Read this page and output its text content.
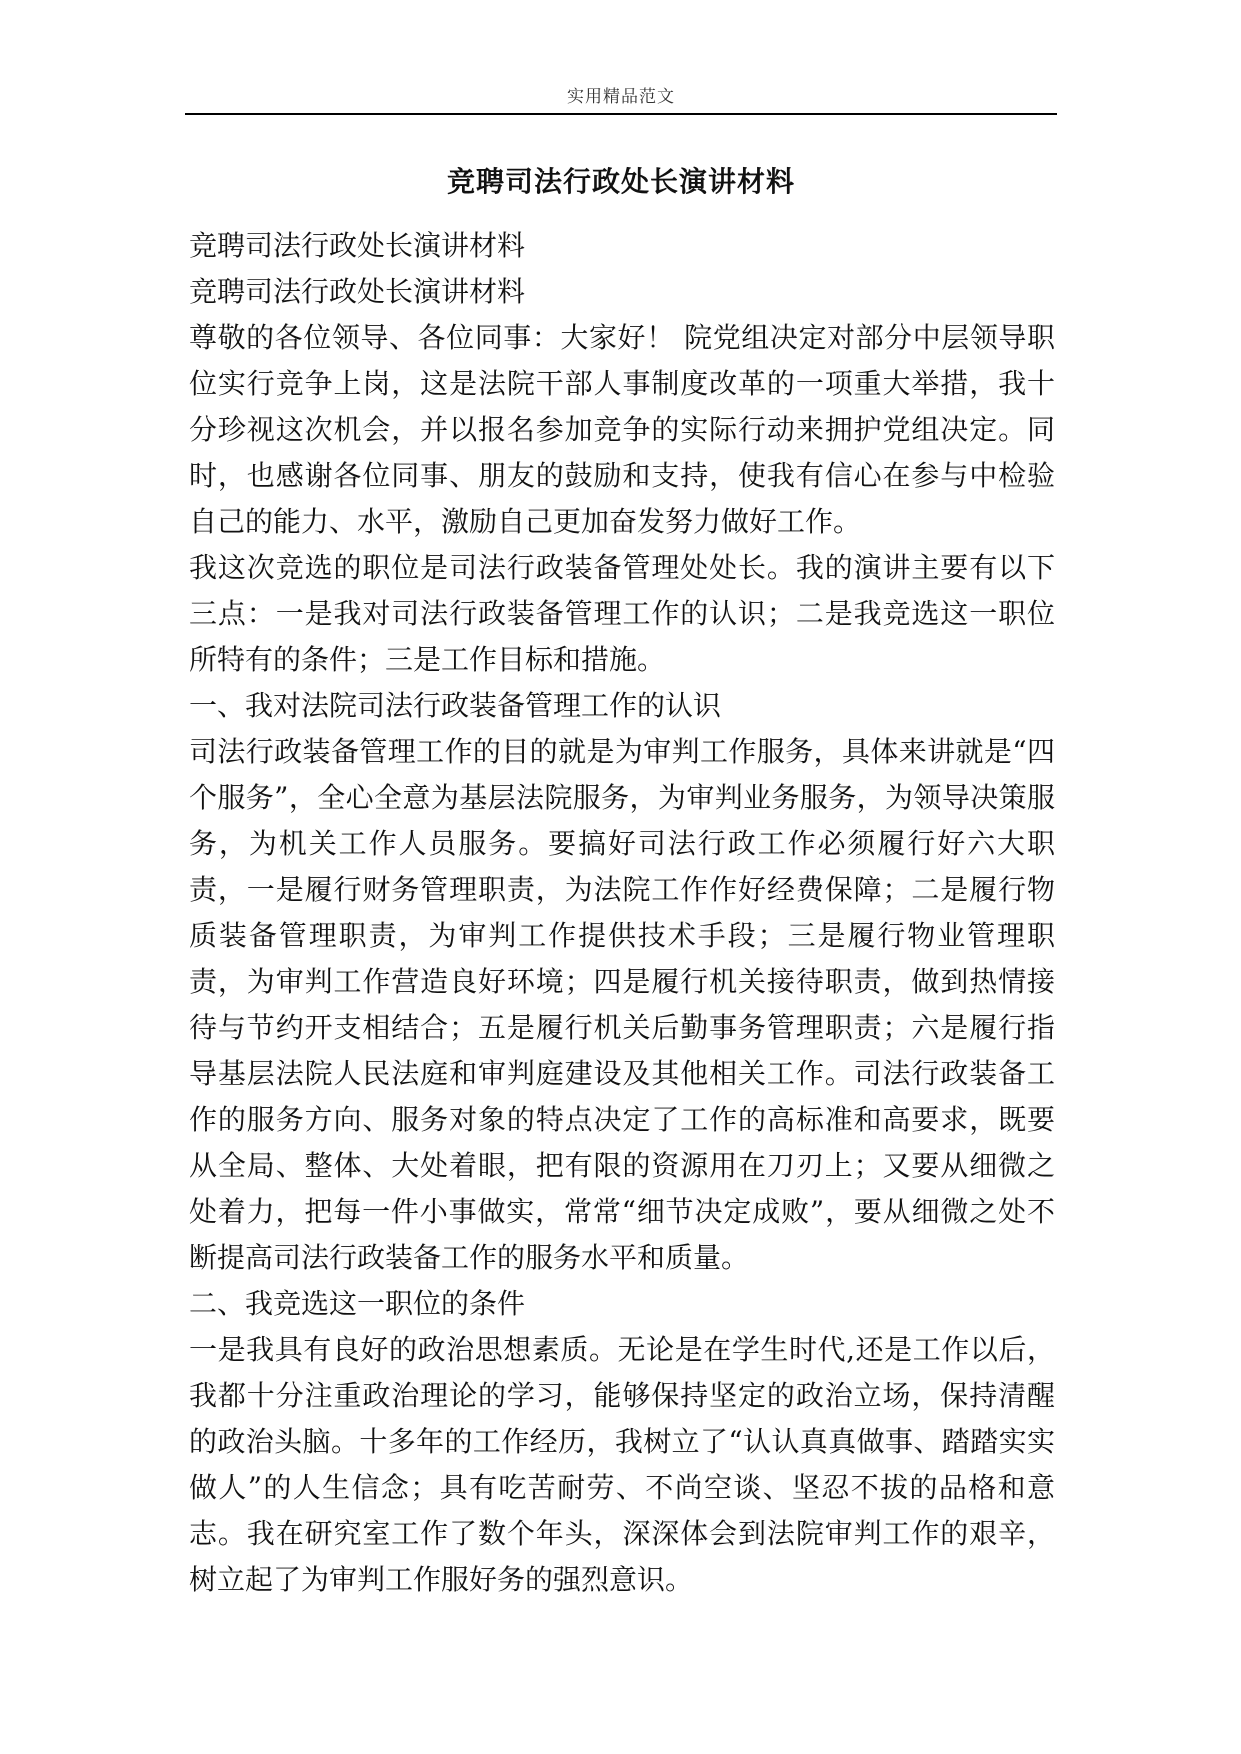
实用精品范文
竞聘司法行政处长演讲材料

竞聘司法行政处长演讲材料

竞聘司法行政处长演讲材料

尊敬的各位领导、各位同事：大家好！ 院党组决定对部分中层领导职位实行竞争上岗，这是法院干部人事制度改革的一项重大举措，我十分珍视这次机会，并以报名参加竞争的实际行动来拥护党组决定。同时，也感谢各位同事、朋友的鼓励和支持，使我有信心在参与中检验自己的能力、水平，激励自己更加奋发努力做好工作。

我这次竞选的职位是司法行政装备管理处处长。我的演讲主要有以下三点：一是我对司法行政装备管理工作的认识；二是我竞选这一职位所特有的条件；三是工作目标和措施。

一、我对法院司法行政装备管理工作的认识

司法行政装备管理工作的目的就是为审判工作服务，具体来讲就是“四个服务”，全心全意为基层法院服务，为审判业务服务，为领导决策服务，为机关工作人员服务。要搞好司法行政工作必须履行好六大职责，一是履行财务管理职责，为法院工作作好经费保障；二是履行物质装备管理职责，为审判工作提供技术手段；三是履行物业管理职责，为审判工作营造良好环境；四是履行机关接待职责，做到热情接待与节约开支相结合；五是履行机关后勤事务管理职责；六是履行指导基层法院人民法庭和审判庭建设及其他相关工作。司法行政装备工作的服务方向、服务对象的特点决定了工作的高标准和高要求，既要从全局、整体、大处着眼，把有限的资源用在刀刃上；又要从细微之处着力，把每一件小事做实，常常“细节决定成败”，要从细微之处不断提高司法行政装备工作的服务水平和质量。

二、我竞选这一职位的条件

一是我具有良好的政治思想素质。无论是在学生时代,还是工作以后，我都十分注重政治理论的学习，能够保持坚定的政治立场，保持清醒的政治头脑。十多年的工作经历，我树立了“认认真真做事、踏踏实实做人”的人生信念；具有吃苦耐劳、不尚空谈、坚忍不拔的品格和意志。我在研究室工作了数个年头，深深体会到法院审判工作的艰辛，树立起了为审判工作服好务的强烈意识。
